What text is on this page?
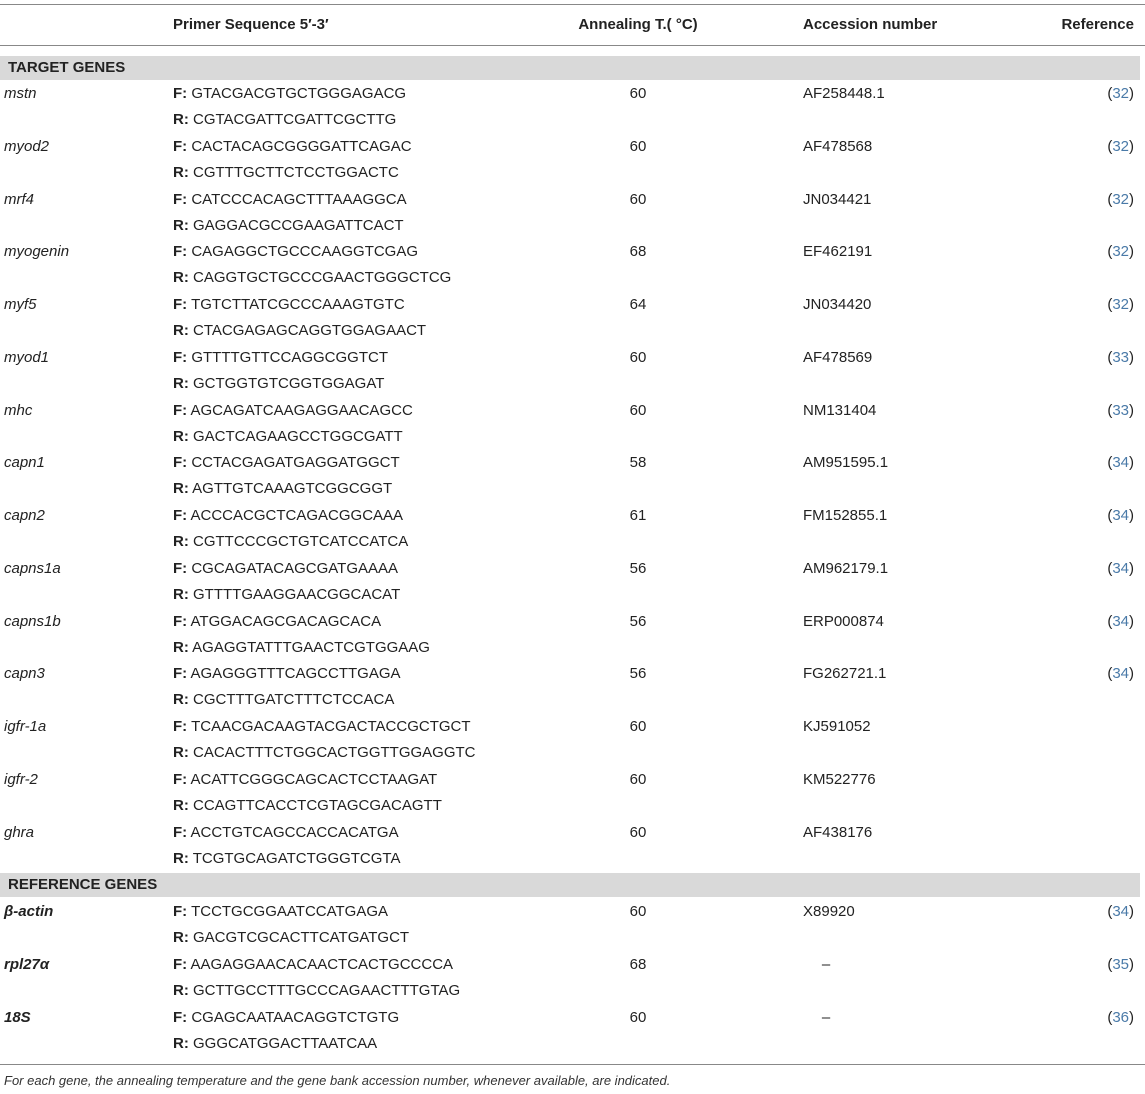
Primer Sequence 5′-3′	Annealing T.( °C)	Accession number	Reference
TARGET GENES
mstn	F: GTACGACGTGCTGGGAGACG	60	AF258448.1	(32)
R: CGTACGATTCGATTCGCTTG
myod2	F: CACTACAGCGGGGATTCAGAC	60	AF478568	(32)
R: CGTTTGCTTCTCCTGGACTC
mrf4	F: CATCCCACAGCTTTAAAGGCA	60	JN034421	(32)
R: GAGGACGCCGAAGATTCACT
myogenin	F: CAGAGGCTGCCCAAGGTCGAG	68	EF462191	(32)
R: CAGGTGCTGCCCGAACTGGGCTCG
myf5	F: TGTCTTATCGCCCAAAGTGTC	64	JN034420	(32)
R: CTACGAGAGCAGGTGGAGAACT
myod1	F: GTTTTGTTCCAGGCGGTCT	60	AF478569	(33)
R: GCTGGTGTCGGTGGAGAT
mhc	F: AGCAGATCAAGAGGAACAGCC	60	NM131404	(33)
R: GACTCAGAAGCCTGGCGATT
capn1	F: CCTACGAGATGAGGATGGCT	58	AM951595.1	(34)
R: AGTTGTCAAAGTCGGCGGT
capn2	F: ACCCACGCTCAGACGGCAAA	61	FM152855.1	(34)
R: CGTTCCCGCTGTCATCCATCA
capns1a	F: CGCAGATACAGCGATGAAAA	56	AM962179.1	(34)
R: GTTTTGAAGGAACGGCACAT
capns1b	F: ATGGACAGCGACAGCACA	56	ERP000874	(34)
R: AGAGGTATTTGAACTCGTGGAAG
capn3	F: AGAGGGTTTCAGCCTTGAGA	56	FG262721.1	(34)
R: CGCTTTGATCTTTCTCCACA
igfr-1a	F: TCAACGACAAGTACGACTACCGCTGCT	60	KJ591052
R: CACACTTTCTGGCACTGGTTGGAGGTC
igfr-2	F: ACATTCGGGCAGCACTCCTAAGAT	60	KM522776
R: CCAGTTCACCTCGTAGCGACAGTT
ghra	F: ACCTGTCAGCCACCACATGA	60	AF438176
R: TCGTGCAGATCTGGGTCGTA
REFERENCE GENES
β-actin	F: TCCTGCGGAATCCATGAGA	60	X89920	(34)
R: GACGTCGCACTTCATGATGCT
rpl27α	F: AAGAGGAACACAACTCACTGCCCCA	68	–	(35)
R: GCTTGCCTTTGCCCAGAACTTTGTAG
18S	F: CGAGCAATAACAGGTCTGTG	60	–	(36)
R: GGGCATGGACTTAATCAA
For each gene, the annealing temperature and the gene bank accession number, whenever available, are indicated.
